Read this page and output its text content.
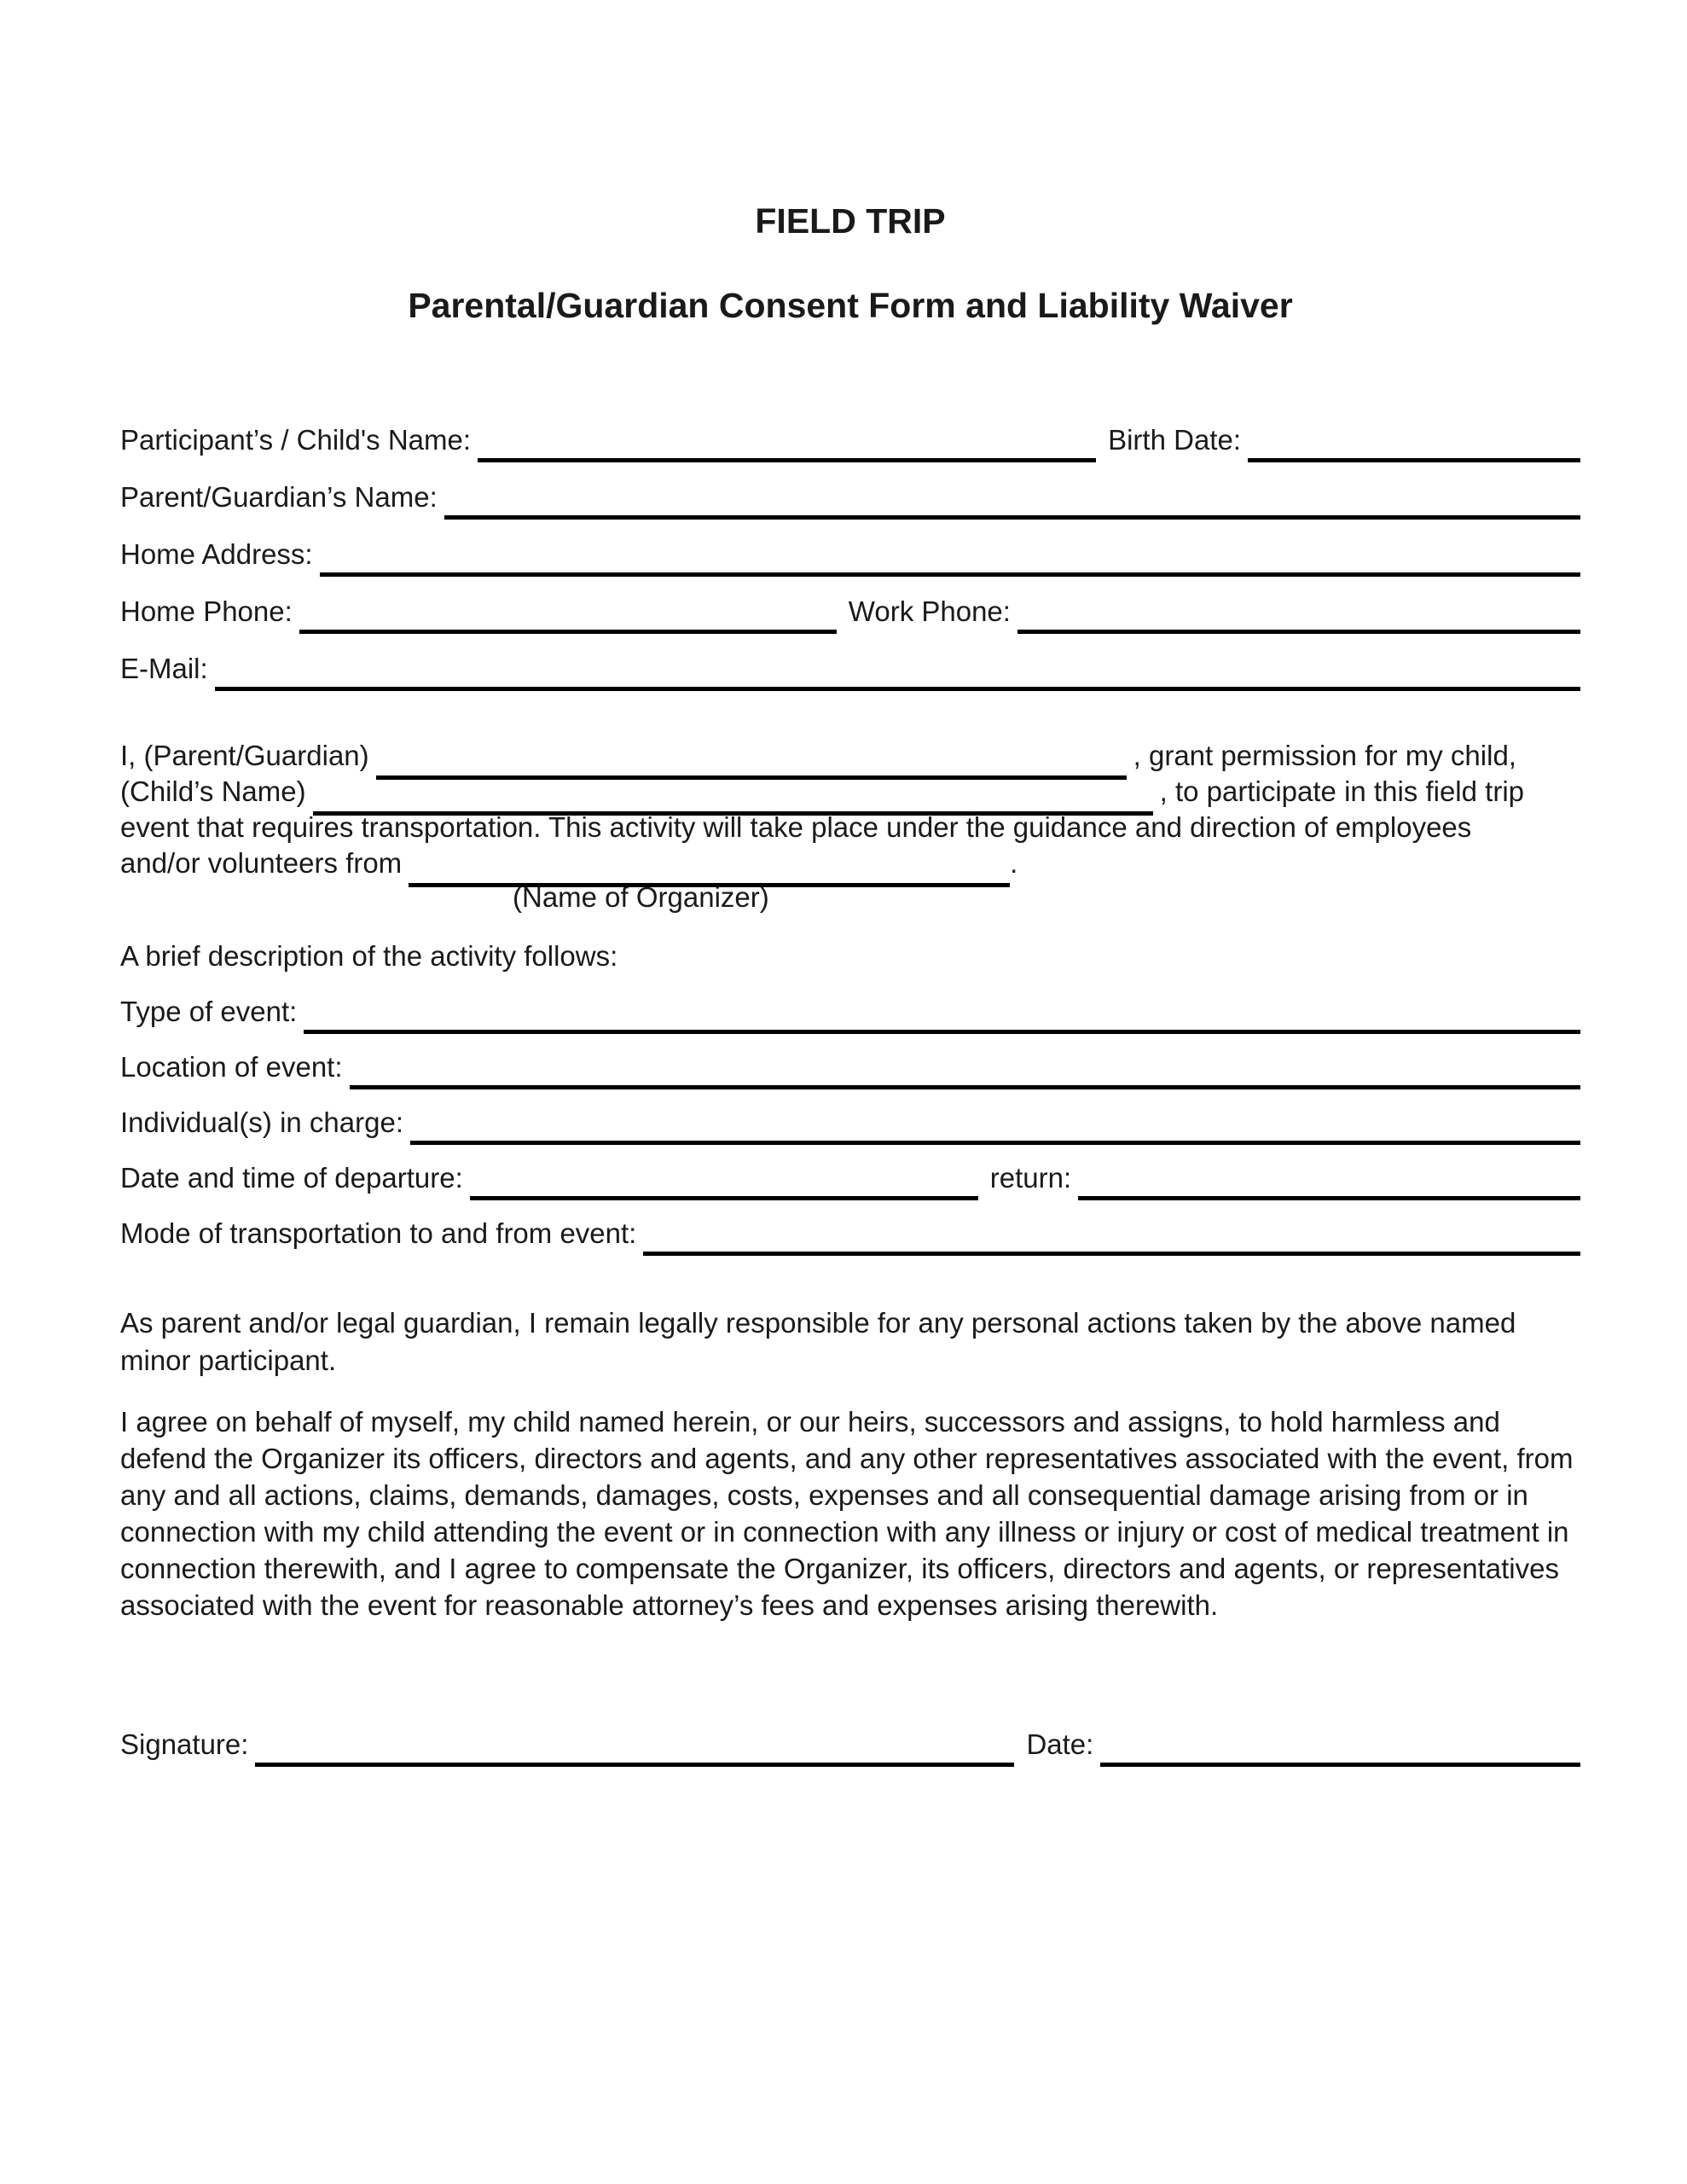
FIELD TRIP
Parental/Guardian Consent Form and Liability Waiver
Participant’s / Child's Name:	Birth Date:
Parent/Guardian’s Name:
Home Address:
Home Phone:	Work Phone:
E-Mail:
I, (Parent/Guardian)	, grant permission for my child,
(Child’s Name)	, to participate in this field trip
event that requires transportation. This activity will take place under the guidance and direction of employees
and/or volunteers from	.
(Name of Organizer)
A brief description of the activity follows:
Type of event:
Location of event:
Individual(s) in charge:
Date and time of departure:	return:
Mode of transportation to and from event:

As parent and/or legal guardian, I remain legally responsible for any personal actions taken by the above named minor participant.

I agree on behalf of myself, my child named herein, or our heirs, successors and assigns, to hold harmless and defend the Organizer its officers, directors and agents, and any other representatives associated with the event, from any and all actions, claims, demands, damages, costs, expenses and all consequential damage arising from or in connection with my child attending the event or in connection with any illness or injury or cost of medical treatment in connection therewith, and I agree to compensate the Organizer, its officers, directors and agents, or representatives associated with the event for reasonable attorney’s fees and expenses arising therewith.

Signature:	Date:
